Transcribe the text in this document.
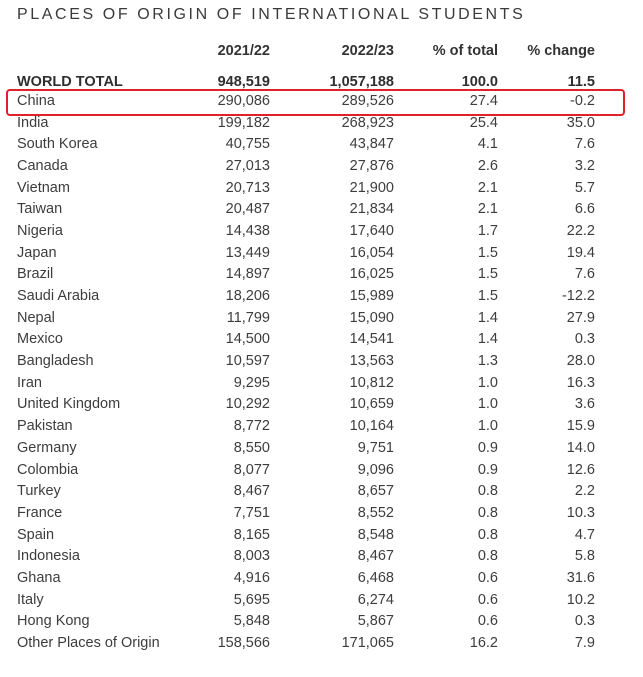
PLACES OF ORIGIN OF INTERNATIONAL STUDENTS
	2021/22	2022/23	% of total	% change	
WORLD TOTAL	948,519	1,057,188	100.0	11.5	
China	290,086	289,526	27.4	-0.2	
India	199,182	268,923	25.4	35.0	
South Korea	40,755	43,847	4.1	7.6	
Canada	27,013	27,876	2.6	3.2	
Vietnam	20,713	21,900	2.1	5.7	
Taiwan	20,487	21,834	2.1	6.6	
Nigeria	14,438	17,640	1.7	22.2	
Japan	13,449	16,054	1.5	19.4	
Brazil	14,897	16,025	1.5	7.6	
Saudi Arabia	18,206	15,989	1.5	-12.2	
Nepal	11,799	15,090	1.4	27.9	
Mexico	14,500	14,541	1.4	0.3	
Bangladesh	10,597	13,563	1.3	28.0	
Iran	9,295	10,812	1.0	16.3	
United Kingdom	10,292	10,659	1.0	3.6	
Pakistan	8,772	10,164	1.0	15.9	
Germany	8,550	9,751	0.9	14.0	
Colombia	8,077	9,096	0.9	12.6	
Turkey	8,467	8,657	0.8	2.2	
France	7,751	8,552	0.8	10.3	
Spain	8,165	8,548	0.8	4.7	
Indonesia	8,003	8,467	0.8	5.8	
Ghana	4,916	6,468	0.6	31.6	
Italy	5,695	6,274	0.6	10.2	
Hong Kong	5,848	5,867	0.6	0.3	
Other Places of Origin	158,566	171,065	16.2	7.9	
